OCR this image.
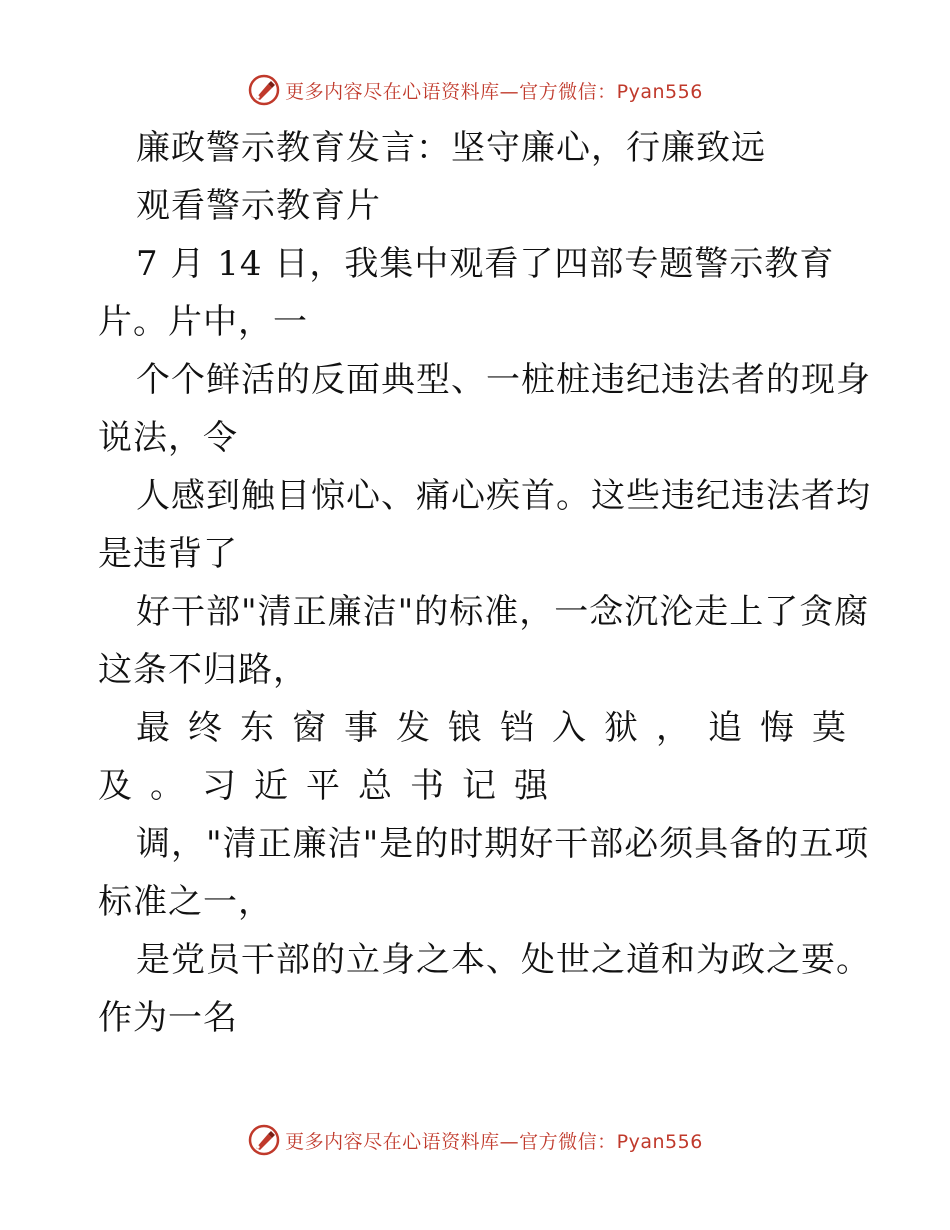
更多内容尽在心语资料库—官方微信：Pyan556
廉政警示教育发言：坚守廉心，行廉致远
观看警示教育片
7 月 14 日，我集中观看了四部专题警示教育
片。片中，一
个个鲜活的反面典型、一桩桩违纪违法者的现身
说法，令
人感到触目惊心、痛心疾首。这些违纪违法者均
是违背了
好干部"清正廉洁"的标准，一念沉沦走上了贪腐
这条不归路，
最终东窗事发锒铛入狱，追悔莫
及。习近平总书记强
调，"清正廉洁"是的时期好干部必须具备的五项
标准之一，
是党员干部的立身之本、处世之道和为政之要。
作为一名
更多内容尽在心语资料库—官方微信：Pyan556
